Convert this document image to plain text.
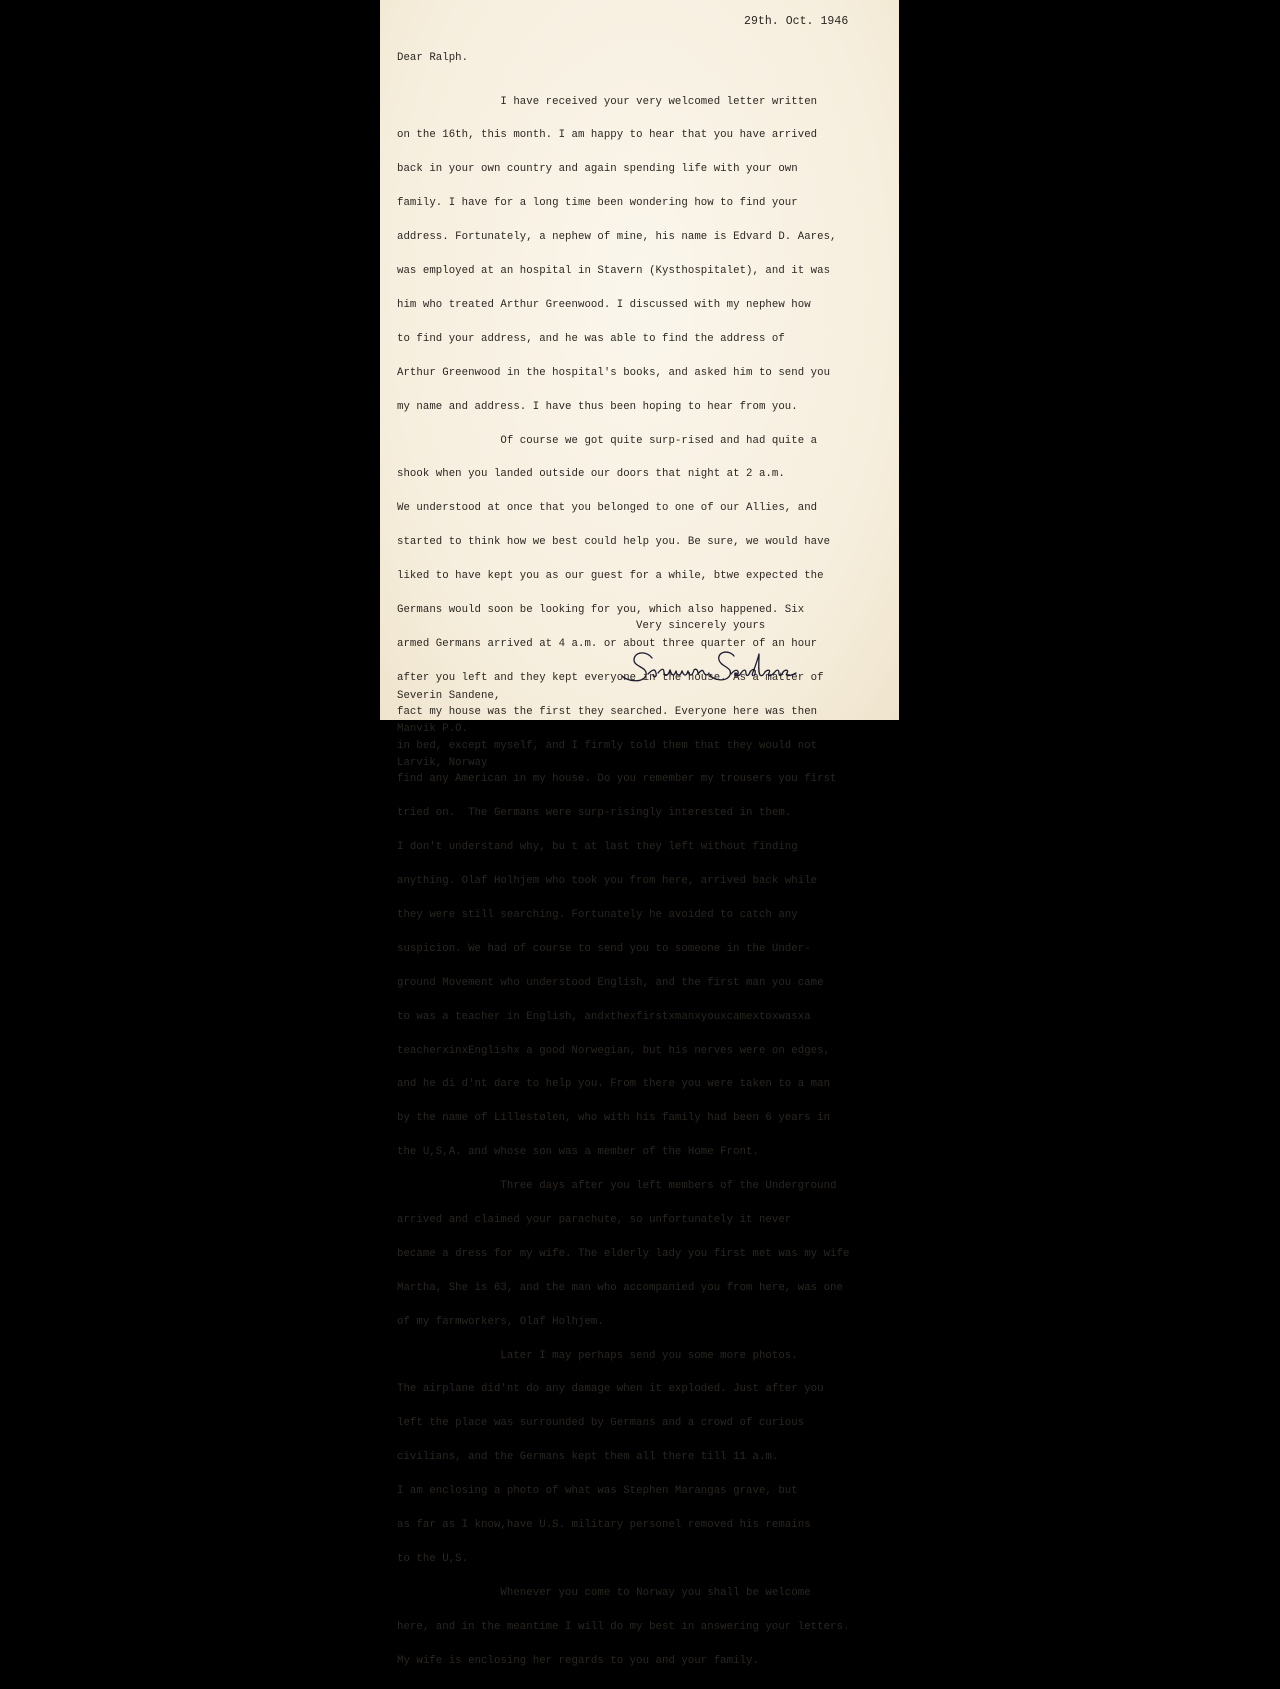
29th. Oct. 1946
Dear Ralph.

I have received your very welcomed letter written

on the 16th, this month. I am happy to hear that you have arrived

back in your own country and again spending life with your own

family. I have for a long time been wondering how to find your

address. Fortunately, a nephew of mine, his name is Edvard D. Aares,

was employed at an hospital in Stavern (Kysthospitalet), and it was

him who treated Arthur Greenwood. I discussed with my nephew how

to find your address, and he was able to find the address of

Arthur Greenwood in the hospital's books, and asked him to send you

my name and address. I have thus been hoping to hear from you.

Of course we got quite surp-rised and had quite a

shook when you landed outside our doors that night at 2 a.m.

We understood at once that you belonged to one of our Allies, and

started to think how we best could help you. Be sure, we would have

liked to have kept you as our guest for a while, btwe expected the

Germans would soon be looking for you, which also happened. Six

armed Germans arrived at 4 a.m. or about three quarter of an hour

after you left and they kept everyone in the house. As a matter of

fact my house was the first they searched. Everyone here was then

in bed, except myself, and I firmly told them that they would not

find any American in my house. Do you remember my trousers you first

tried on.  The Germans were surp-risingly interested in them.

I don't understand why, bu t at last they left without finding

anything. Olaf Holhjem who took you from here, arrived back while

they were still searching. Fortunately he avoided to catch any

suspicion. We had of course to send you to someone in the Under-

ground Movement who understood English, and the first man you came

to was a teacher in English, andxthexfirstxmanxyouxcamextoxwasxa

teacherxinxEnglishx a good Norwegian, but his nerves were on edges,

and he di d'nt dare to help you. From there you were taken to a man

by the name of Lillestølen, who with his family had been 6 years in

the U,S,A. and whose son was a member of the Home Front.

Three days after you left members of the Underground

arrived and claimed your parachute, so unfortunately it never

became a dress for my wife. The elderly lady you first met was my wife

Martha, She is 63, and the man who accompanied you from here, was one

of my farmworkers, Olaf Holhjem.

Later I may perhaps send you some more photos.

The airplane did'nt do any damage when it exploded. Just after you

left the place was surrounded by Germans and a crowd of curious

civilians, and the Germans kept them all there till 11 a.m.

I am enclosing a photo of what was Stephen Marangas grave, but

as far as I know,have U.S. military personel removed his remains

to the U,S.

Whenever you come to Norway you shall be welcome

here, and in the meantime I will do my best in answering your letters.

My wife is enclosing her regards to you and your family.

Very sincerely yours

Severin Sandene,

Manvik P.O.

Larvik, Norway
